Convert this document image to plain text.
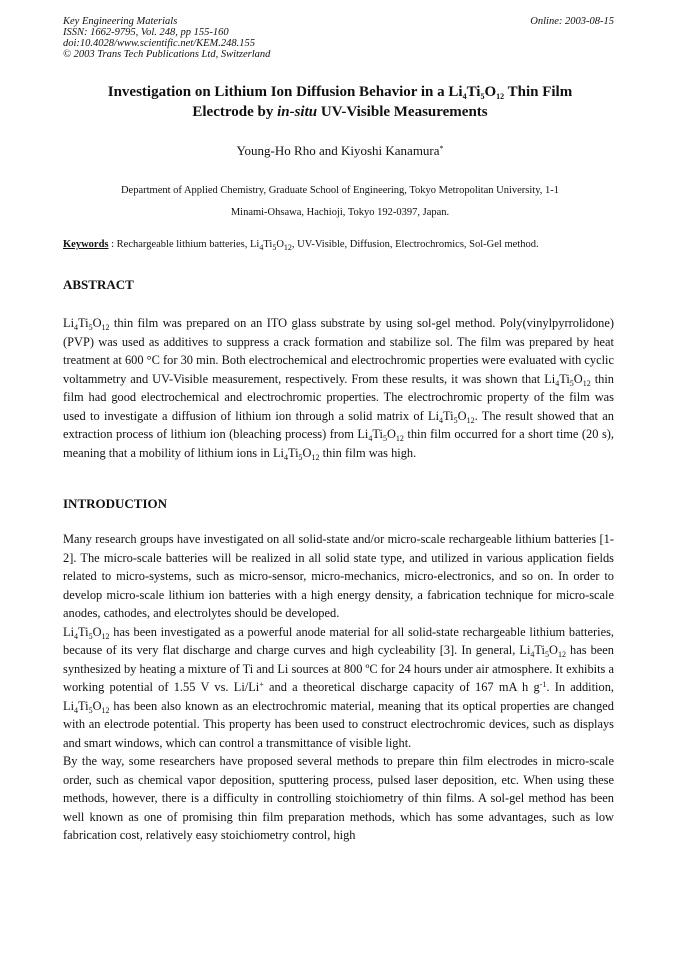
Key Engineering Materials
ISSN: 1662-9795, Vol. 248, pp 155-160
doi:10.4028/www.scientific.net/KEM.248.155
© 2003 Trans Tech Publications Ltd, Switzerland
Online: 2003-08-15
Investigation on Lithium Ion Diffusion Behavior in a $Li_4Ti_5O_{12}$ Thin Film
Electrode by in-situ UV-Visible Measurements
Young-Ho Rho and Kiyoshi Kanamura*
Department of Applied Chemistry, Graduate School of Engineering, Tokyo Metropolitan University, 1-1
Minami-Ohsawa, Hachioji, Tokyo 192-0397, Japan.
Keywords : Rechargeable lithium batteries, $Li_4Ti_5O_{12}$, UV-Visible, Diffusion, Electrochromics, Sol-Gel method.
ABSTRACT

$Li_4Ti_5O_{12}$ thin film was prepared on an ITO glass substrate by using sol-gel method. Poly(vinylpyrrolidone) (PVP) was used as additives to suppress a crack formation and stabilize sol. The film was prepared by heat treatment at 600 °C for 30 min. Both electrochemical and electrochromic properties were evaluated with cyclic voltammetry and UV-Visible measurement, respectively. From these results, it was shown that $Li_4Ti_5O_{12}$ thin film had good electrochemical and electrochromic properties. The electrochromic property of the film was used to investigate a diffusion of lithium ion through a solid matrix of $Li_4Ti_5O_{12}$. The result showed that an extraction process of lithium ion (bleaching process) from $Li_4Ti_5O_{12}$ thin film occurred for a short time (20 s), meaning that a mobility of lithium ions in $Li_4Ti_5O_{12}$ thin film was high.

INTRODUCTION

Many research groups have investigated on all solid-state and/or micro-scale rechargeable lithium batteries [1-2]. The micro-scale batteries will be realized in all solid state type, and utilized in various application fields related to micro-systems, such as micro-sensor, micro-mechanics, micro-electronics, and so on. In order to develop micro-scale lithium ion batteries with a high energy density, a fabrication technique for micro-scale anodes, cathodes, and electrolytes should be developed.

$Li_4Ti_5O_{12}$ has been investigated as a powerful anode material for all solid-state rechargeable lithium batteries, because of its very flat discharge and charge curves and high cycleability [3]. In general, $Li_4Ti_5O_{12}$ has been synthesized by heating a mixture of Ti and Li sources at 800 ºC for 24 hours under air atmosphere. It exhibits a working potential of 1.55 V vs. Li/Li+ and a theoretical discharge capacity of 167 mA h $g^{-1}$. In addition, $Li_4Ti_5O_{12}$ has been also known as an electrochromic material, meaning that its optical properties are changed with an electrode potential. This property has been used to construct electrochromic devices, such as displays and smart windows, which can control a transmittance of visible light.

By the way, some researchers have proposed several methods to prepare thin film electrodes in micro-scale order, such as chemical vapor deposition, sputtering process, pulsed laser deposition, etc. When using these methods, however, there is a difficulty in controlling stoichiometry of thin films. A sol-gel method has been well known as one of promising thin film preparation methods, which has some advantages, such as low fabrication cost, relatively easy stoichiometry control, high
